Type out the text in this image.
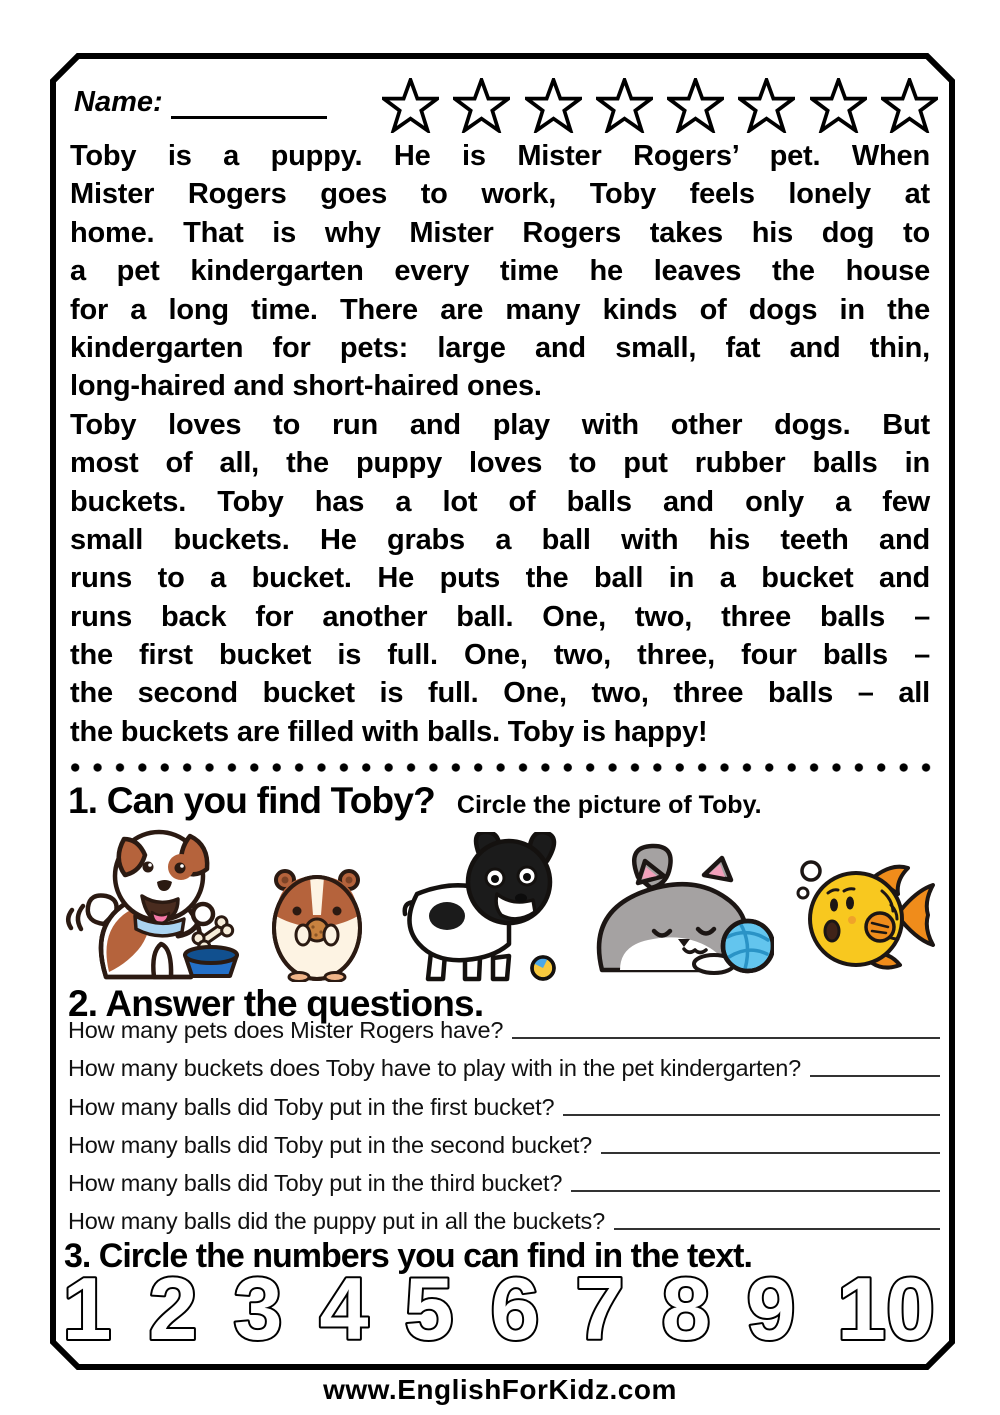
Name:
Toby is a puppy. He is Mister Rogers’ pet. When
Mister Rogers goes to work, Toby feels lonely at
home. That is why Mister Rogers takes his dog to
a pet kindergarten every time he leaves the house
for a long time. There are many kinds of dogs in the
kindergarten for pets: large and small, fat and thin,
long-haired and short-haired ones.
Toby loves to run and play with other dogs. But
most of all, the puppy loves to put rubber balls in
buckets. Toby has a lot of balls and only a few
small buckets. He grabs a ball with his teeth and
runs to a bucket. He puts the ball in a bucket and
runs back for another ball. One, two, three balls –
the first bucket is full. One, two, three, four balls –
the second bucket is full. One, two, three balls – all
the buckets are filled with balls. Toby is happy!
1. Can you find Toby? Circle the picture of Toby.
2. Answer the questions.
How many pets does Mister Rogers have?
How many buckets does Toby have to play with in the pet kindergarten?
How many balls did Toby put in the first bucket?
How many balls did Toby put in the second bucket?
How many balls did Toby put in the third bucket?
How many balls did the puppy put in all the buckets?
3. Circle the numbers you can find in the text.
1 2 3 4 5 6 7 8 9 10
www.EnglishForKidz.com
